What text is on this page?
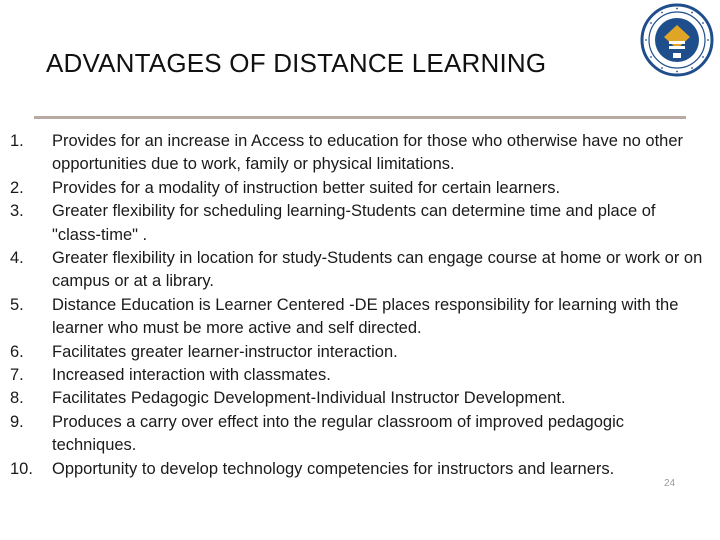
ADVANTAGES OF DISTANCE LEARNING
1.	Provides for an increase in Access to education for those who otherwise have no other opportunities due to work, family or physical limitations.
2.	Provides for a modality of instruction better suited for certain learners.
3.	Greater flexibility for scheduling learning-Students can determine time and place of "class-time" .
4.	Greater flexibility in location for study-Students can engage course at home or work or on campus or at a library.
5.	Distance Education is Learner Centered -DE places responsibility for learning with the learner who must be more active and self directed.
6.	Facilitates greater learner-instructor interaction.
7.	Increased interaction with classmates.
8.	Facilitates Pedagogic Development-Individual Instructor Development.
9.	Produces a carry over effect into the regular classroom of improved pedagogic techniques.
10.	Opportunity to develop technology competencies for instructors and learners.
24
